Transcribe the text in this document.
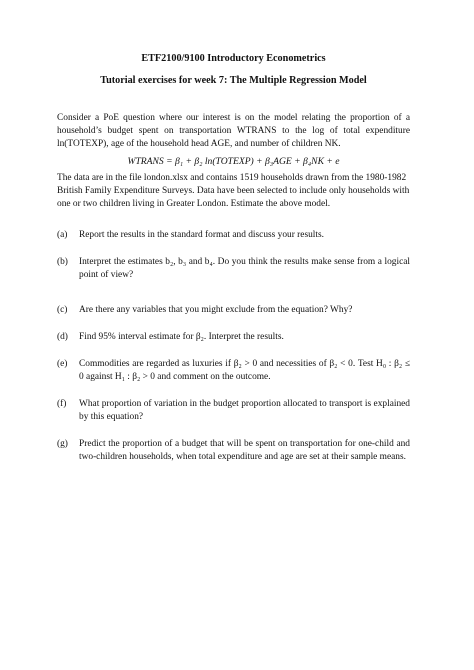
ETF2100/9100 Introductory Econometrics
Tutorial exercises for week 7: The Multiple Regression Model

Consider a PoE question where our interest is on the model relating the proportion of a household’s budget spent on transportation WTRANS to the log of total expenditure ln(TOTEXP), age of the household head AGE, and number of children NK.

WTRANS = β₁ + β₂ ln(TOTEXP) + β₃AGE + β₄NK + e

The data are in the file london.xlsx and contains 1519 households drawn from the 1980-1982 British Family Expenditure Surveys. Data have been selected to include only households with one or two children living in Greater London. Estimate the above model.

(a)	Report the results in the standard format and discuss your results.
(b)	Interpret the estimates b₂, b₃ and b₄. Do you think the results make sense from a logical point of view?
(c)	Are there any variables that you might exclude from the equation? Why?
(d)	Find 95% interval estimate for β₂. Interpret the results.
(e)	Commodities are regarded as luxuries if β₂ > 0 and necessities of β₂ < 0. Test H₀ : β₂ ≤ 0 against H₁ : β₂ > 0 and comment on the outcome.
(f)	What proportion of variation in the budget proportion allocated to transport is explained by this equation?
(g)	Predict the proportion of a budget that will be spent on transportation for one-child and two-children households, when total expenditure and age are set at their sample means.
